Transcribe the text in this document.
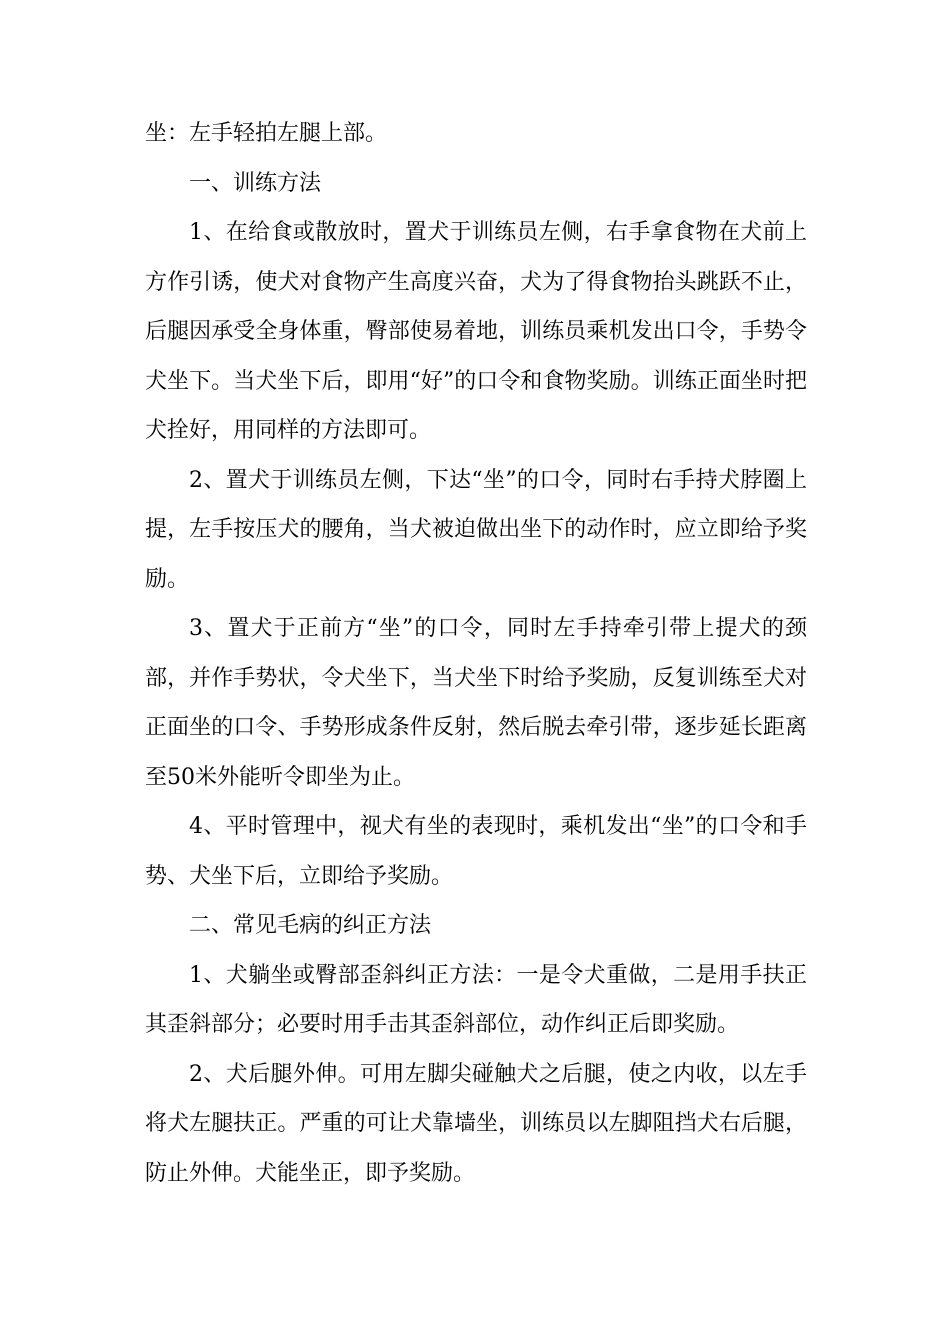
坐：左手轻拍左腿上部。

一、训练方法

1、在给食或散放时，置犬于训练员左侧，右手拿食物在犬前上方作引诱，使犬对食物产生高度兴奋，犬为了得食物抬头跳跃不止，后腿因承受全身体重，臀部使易着地，训练员乘机发出口令，手势令犬坐下。当犬坐下后，即用“好”的口令和食物奖励。训练正面坐时把犬拴好，用同样的方法即可。

2、置犬于训练员左侧，下达“坐”的口令，同时右手持犬脖圈上提，左手按压犬的腰角，当犬被迫做出坐下的动作时，应立即给予奖励。

3、置犬于正前方“坐”的口令，同时左手持牵引带上提犬的颈部，并作手势状，令犬坐下，当犬坐下时给予奖励，反复训练至犬对正面坐的口令、手势形成条件反射，然后脱去牵引带，逐步延长距离至50米外能听令即坐为止。

4、平时管理中，视犬有坐的表现时，乘机发出“坐”的口令和手势、犬坐下后，立即给予奖励。

二、常见毛病的纠正方法

1、犬躺坐或臀部歪斜纠正方法：一是令犬重做，二是用手扶正其歪斜部分；必要时用手击其歪斜部位，动作纠正后即奖励。

2、犬后腿外伸。可用左脚尖碰触犬之后腿，使之内收，以左手将犬左腿扶正。严重的可让犬靠墙坐，训练员以左脚阻挡犬右后腿，防止外伸。犬能坐正，即予奖励。
